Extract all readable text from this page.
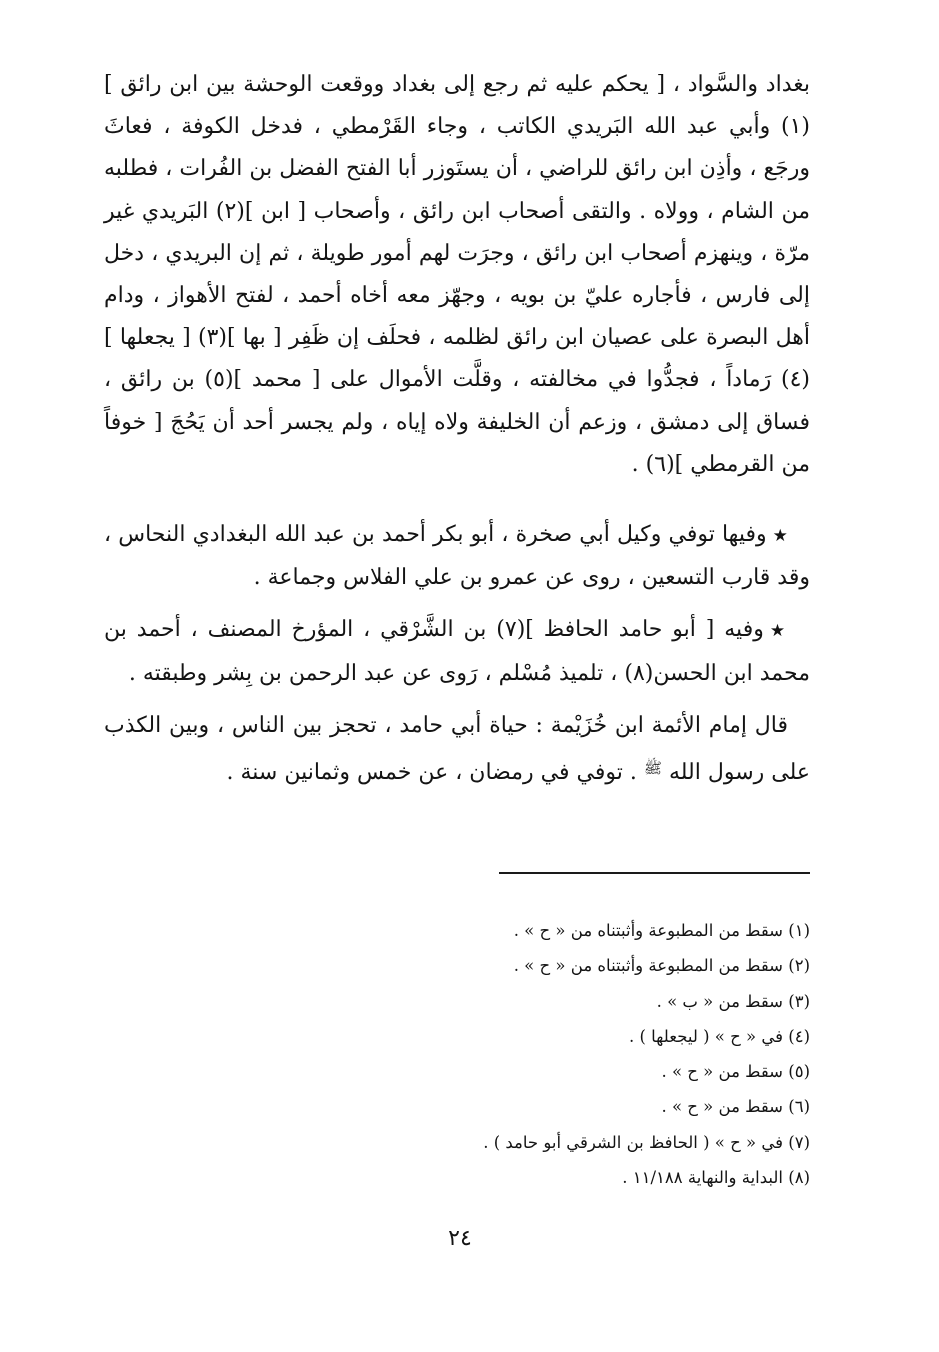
بغداد والسَّواد ، [ يحكم عليه ثم رجع إلى بغداد ووقعت الوحشة بين ابن رائق ](١) وأبي عبد الله البَريدي الكاتب ، وجاء القَرْمطي ، فدخل الكوفة ، فعاثَ ورجَع ، وأذِن ابن رائق للراضي ، أن يستَوزر أبا الفتح الفضل بن الفُرات ، فطلبه من الشام ، وولاه . والتقى أصحاب ابن رائق ، وأصحاب [ ابن ](٢) البَريدي غير مرّة ، وينهزم أصحاب ابن رائق ، وجرَت لهم أمور طويلة ، ثم إن البريدي ، دخل إلى فارس ، فأجاره عليّ بن بويه ، وجهّز معه أخاه أحمد ، لفتح الأهواز ، ودام أهل البصرة على عصيان ابن رائق لظلمه ، فحلَف إن ظَفِر [ بها ](٣) [ يجعلها ](٤) رَماداً ، فجدُّوا في مخالفته ، وقلَّت الأموال على [ محمد ](٥) بن رائق ، فساق إلى دمشق ، وزعم أن الخليفة ولاه إياه ، ولم يجسر أحد أن يَحُجَ [ خوفاً من القرمطي ](٦) .

★وفيها توفي وكيل أبي صخرة ، أبو بكر أحمد بن عبد الله البغدادي النحاس ، وقد قارب التسعين ، روى عن عمرو بن علي الفلاس وجماعة .

★وفيه [ أبو حامد الحافظ ](٧) بن الشَّرْقي ، المؤرخ المصنف ، أحمد بن محمد ابن الحسن(٨) ، تلميذ مُسْلم ، رَوى عن عبد الرحمن بن بِشر وطبقته .

قال إمام الأئمة ابن خُزَيْمة : حياة أبي حامد ، تحجز بين الناس ، وبين الكذب على رسول الله $^ﷺ$ . توفي في رمضان ، عن خمس وثمانين سنة .

(١) سقط من المطبوعة وأثبتناه من « ح » .
(٢) سقط من المطبوعة وأثبتناه من « ح » .
(٣) سقط من « ب » .
(٤) في « ح » ( ليجعلها ) .
(٥) سقط من « ح » .
(٦) سقط من « ح » .
(٧) في « ح » ( الحافظ بن الشرقي أبو حامد ) .
(٨) البداية والنهاية ١١/١٨٨ .
٢٤
